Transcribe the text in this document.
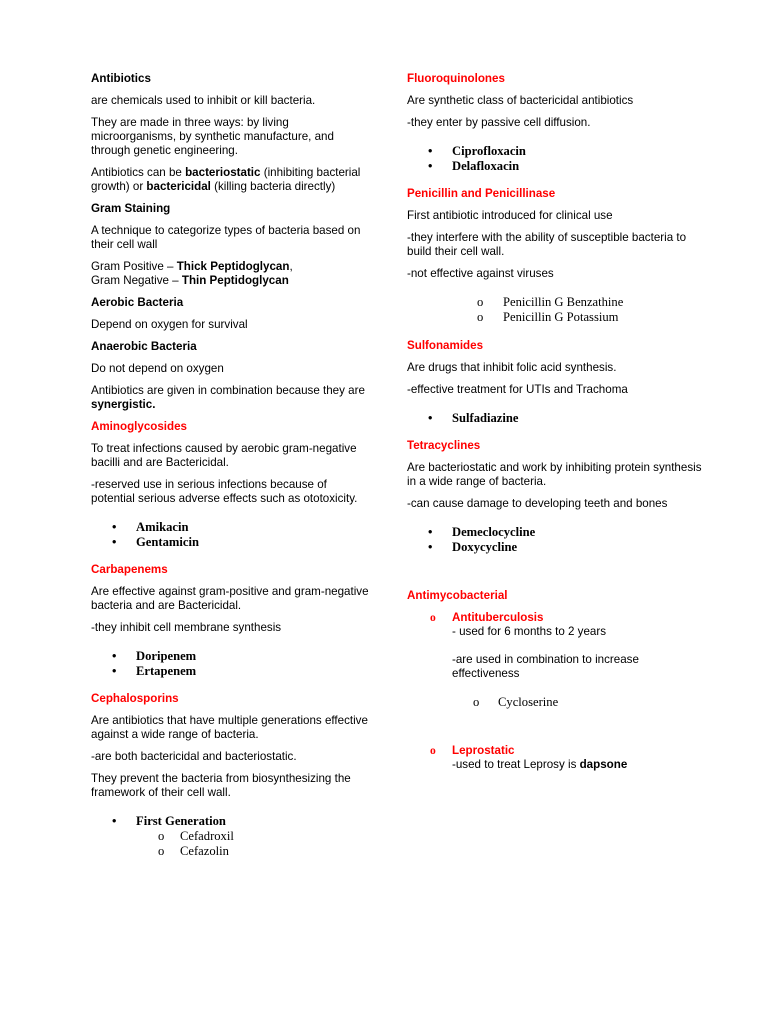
Antibiotics

are chemicals used to inhibit or kill bacteria.

They are made in three ways: by living microorganisms, by synthetic manufacture, and through genetic engineering.

Antibiotics can be bacteriostatic (inhibiting bacterial growth) or bactericidal (killing bacteria directly)

Gram Staining

A technique to categorize types of bacteria based on their cell wall

Gram Positive – Thick Peptidoglycan,
Gram Negative – Thin Peptidoglycan

Aerobic Bacteria

Depend on oxygen for survival

Anaerobic Bacteria

Do not depend on oxygen

Antibiotics are given in combination because they are synergistic.

Aminoglycosides

To treat infections caused by aerobic gram-negative bacilli and are Bactericidal.

-reserved use in serious infections because of potential serious adverse effects such as ototoxicity.

• Amikacin
• Gentamicin

Carbapenems

Are effective against gram-positive and gram-negative bacteria and are Bactericidal.

-they inhibit cell membrane synthesis

• Doripenem
• Ertapenem

Cephalosporins

Are antibiotics that have multiple generations effective against a wide range of bacteria.

-are both bactericidal and bacteriostatic.

They prevent the bacteria from biosynthesizing the framework of their cell wall.

• First Generation
o Cefadroxil
o Cefazolin

Fluoroquinolones

Are synthetic class of bactericidal antibiotics

-they enter by passive cell diffusion.

• Ciprofloxacin
• Delafloxacin

Penicillin and Penicillinase

First antibiotic introduced for clinical use

-they interfere with the ability of susceptible bacteria to build their cell wall.

-not effective against viruses

o Penicillin G Benzathine
o Penicillin G Potassium

Sulfonamides

Are drugs that inhibit folic acid synthesis.

-effective treatment for UTIs and Trachoma

• Sulfadiazine

Tetracyclines

Are bacteriostatic and work by inhibiting protein synthesis in a wide range of bacteria.

-can cause damage to developing teeth and bones

• Demeclocycline
• Doxycycline

Antimycobacterial

o Antituberculosis

- used for 6 months to 2 years

-are used in combination to increase effectiveness

o Cycloserine
o Leprostatic

-used to treat Leprosy is dapsone
